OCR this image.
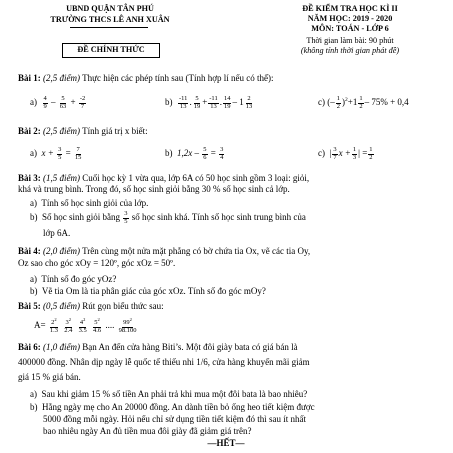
UBND QUẬN TÂN PHÚ
TRƯỜNG THCS LÊ ANH XUÂN
ĐỀ CHÍNH THỨC
ĐỀ KIỂM TRA HỌC KÌ II
NĂM HỌC: 2019 - 2020
MÔN: TOÁN - LỚP 6
Thời gian làm bài: 90 phút
(không tính thời gian phát đề)
Bài 1: (2,5 điểm) Thực hiện các phép tính sau (Tính hợp lí nếu có thể):
$a) \frac{4}{9} - \frac{5}{63} + \frac{-2}{7}$	$b) \frac{-11}{13}$ . $\frac{5}{19} + \frac{-11}{13}$ . $\frac{14}{19} - 1 \frac{2}{13}$	c) (– $\frac{1}{2} )^2+1 \frac{1}{2} - 75\% + 0,4$
Bài 2: (2,5 điểm) Tính giá trị x biết:
a) $x + \frac{3}{5} = \frac{7}{15}$	b) $1,2x - \frac{5}{6} = \frac{3}{4}$	c) | $\frac{3}{7}$ $x + \frac{1}{3}$ | = $\frac{1}{2}$
Bài 3: (1,5 điểm) Cuối học kỳ 1 vừa qua, lớp 6A có 50 học sinh gồm 3 loại: giỏi,
khá và trung bình. Trong đó, số học sinh giỏi bằng 30 % số học sinh cả lớp.
a) Tính số học sinh giỏi của lớp.
b) Số học sinh giỏi bằng $\frac{3}{5}$ số học sinh khá. Tính số học sinh trung bình của
lớp 6A.
Bài 4: (2,0 điểm) Trên cùng một nửa mặt phẳng có bờ chứa tia Ox, vẽ các tia Oy,
Oz sao cho góc xOy = 120º, góc xOz = 50º.
a) Tính số đo góc yOz?
b) Vẽ tia Om là tia phân giác của góc xOz. Tính số đo góc mOy?
Bài 5: (0,5 điểm) Rút gọn biểu thức sau:
$A= \frac{2^2}{1.3}$
$\frac{3^2}{2.4}$
$\frac{4^2}{3.5}$
$\frac{5^2}{4.6}$ .... $\frac{99^2}{98.100}$
Bài 6: (1,0 điểm) Bạn An đến cửa hàng Biti’s. Một đôi giày bata có giá bán là
400000 đồng. Nhân dịp ngày lễ quốc tế thiếu nhi 1/6, cửa hàng khuyến mãi giảm
giá 15 % giá bán.
a) Sau khi giảm 15 % số tiền An phải trả khi mua một đôi bata là bao nhiêu?
b) Hằng ngày mẹ cho An 20000 đồng. An dành tiền bỏ ống heo tiết kiệm được
5000 đồng mỗi ngày. Hỏi nếu chỉ sử dụng tiền tiết kiệm đó thì sau ít nhất
bao nhiêu ngày An đủ tiền mua đôi giày đã giảm giá trên?
—HẾT—
